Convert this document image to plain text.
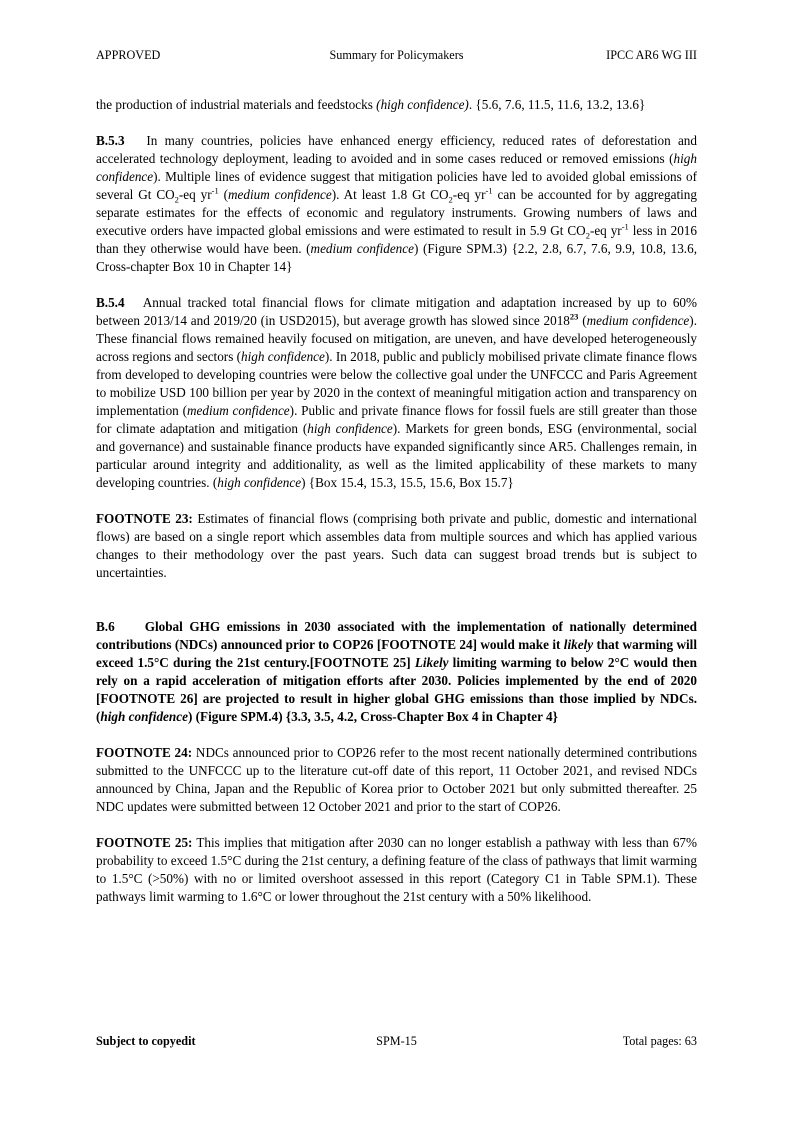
APPROVED	Summary for Policymakers	IPCC AR6 WG III

the production of industrial materials and feedstocks (high confidence). {5.6, 7.6, 11.5, 11.6, 13.2, 13.6}

B.5.3 In many countries, policies have enhanced energy efficiency, reduced rates of deforestation and accelerated technology deployment, leading to avoided and in some cases reduced or removed emissions (high confidence). Multiple lines of evidence suggest that mitigation policies have led to avoided global emissions of several Gt $CO_2-eq$ $yr^{-1}$ (medium confidence). At least 1.8 Gt $CO_2-eq$ $yr^{-1}$ can be accounted for by aggregating separate estimates for the effects of economic and regulatory instruments. Growing numbers of laws and executive orders have impacted global emissions and were estimated to result in 5.9 Gt $CO_2-eq$ $yr^{-1}$ less in 2016 than they otherwise would have been. (medium confidence) (Figure SPM.3) {2.2, 2.8, 6.7, 7.6, 9.9, 10.8, 13.6, Cross-chapter Box 10 in Chapter 14}

B.5.4 Annual tracked total financial flows for climate mitigation and adaptation increased by up to 60% between 2013/14 and 2019/20 (in USD2015), but average growth has slowed since 2018$^{23}$ (medium confidence). These financial flows remained heavily focused on mitigation, are uneven, and have developed heterogeneously across regions and sectors (high confidence). In 2018, public and publicly mobilised private climate finance flows from developed to developing countries were below the collective goal under the UNFCCC and Paris Agreement to mobilize USD 100 billion per year by 2020 in the context of meaningful mitigation action and transparency on implementation (medium confidence). Public and private finance flows for fossil fuels are still greater than those for climate adaptation and mitigation (high confidence). Markets for green bonds, ESG (environmental, social and governance) and sustainable finance products have expanded significantly since AR5. Challenges remain, in particular around integrity and additionality, as well as the limited applicability of these markets to many developing countries. (high confidence) {Box 15.4, 15.3, 15.5, 15.6, Box 15.7}

FOOTNOTE 23: Estimates of financial flows (comprising both private and public, domestic and international flows) are based on a single report which assembles data from multiple sources and which has applied various changes to their methodology over the past years. Such data can suggest broad trends but is subject to uncertainties.

B.6 Global GHG emissions in 2030 associated with the implementation of nationally determined contributions (NDCs) announced prior to COP26 [FOOTNOTE 24] would make it likely that warming will exceed 1.5°C during the 21st century.[FOOTNOTE 25] Likely limiting warming to below 2°C would then rely on a rapid acceleration of mitigation efforts after 2030. Policies implemented by the end of 2020 [FOOTNOTE 26] are projected to result in higher global GHG emissions than those implied by NDCs. (high confidence) (Figure SPM.4) {3.3, 3.5, 4.2, Cross-Chapter Box 4 in Chapter 4}

FOOTNOTE 24: NDCs announced prior to COP26 refer to the most recent nationally determined contributions submitted to the UNFCCC up to the literature cut-off date of this report, 11 October 2021, and revised NDCs announced by China, Japan and the Republic of Korea prior to October 2021 but only submitted thereafter. 25 NDC updates were submitted between 12 October 2021 and prior to the start of COP26.

FOOTNOTE 25: This implies that mitigation after 2030 can no longer establish a pathway with less than 67% probability to exceed 1.5°C during the 21st century, a defining feature of the class of pathways that limit warming to 1.5°C (>50%) with no or limited overshoot assessed in this report (Category C1 in Table SPM.1). These pathways limit warming to 1.6°C or lower throughout the 21st century with a 50% likelihood.

Subject to copyedit	SPM-15	Total pages: 63
